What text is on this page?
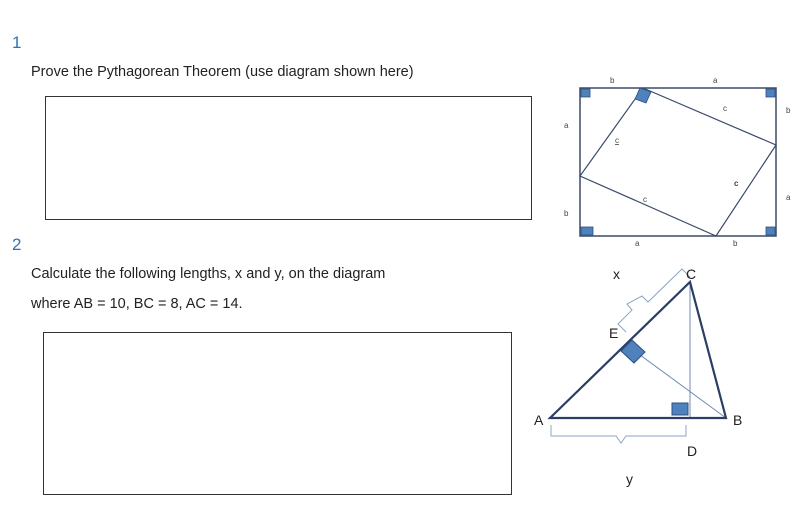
1
Prove the Pythagorean Theorem (use diagram shown here)
2
Calculate the following lengths, x and y, on the diagram
where AB = 10, BC = 8, AC = 14.
b	a
a
b
b
a
a	b
c
c
c
c
A	B
C
D
E
x
y
